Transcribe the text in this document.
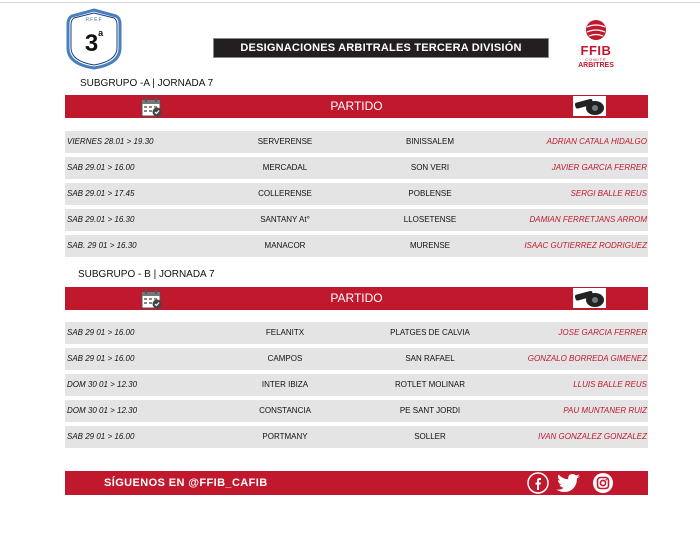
RFEF
3$^a$
DESIGNACIONES ARBITRALES TERCERA DIVISIÓN	FFIB
COMITÉ
ARBITRES
SUBGRUPO -A | JORNADA 7
PARTIDO
VIERNES 28.01 > 19.30	SERVERENSE	BINISSALEM	ADRIAN CATALA HIDALGO
SAB 29.01 > 16.00	MERCADAL	SON VERI	JAVIER GARCIA FERRER
SAB 29.01 > 17.45	COLLERENSE	POBLENSE	SERGI BALLE REUS
SAB 29.01 > 16.30	SANTANY At°	LLOSETENSE	DAMIAN FERRETJANS ARROM
SAB. 29 01 > 16.30	MANACOR	MURENSE	ISAAC GUTIERREZ RODRIGUEZ
SUBGRUPO - B | JORNADA 7
PARTIDO
SAB 29 01 > 16.00	FELANITX	PLATGES DE CALVIA	JOSE GARCIA FERRER
SAB 29 01 > 16.00	CAMPOS	SAN RAFAEL	GONZALO BORREDA GIMENEZ
DOM 30 01 > 12.30	INTER IBIZA	ROTLET MOLINAR	LLUIS BALLE REUS
DOM 30 01 > 12.30	CONSTANCIA	PE SANT JORDI	PAU MUNTANER RUIZ
SAB 29 01 > 16.00	PORTMANY	SOLLER	IVAN GONZALEZ GONZALEZ
SÍGUENOS EN @FFIB_CAFIB
